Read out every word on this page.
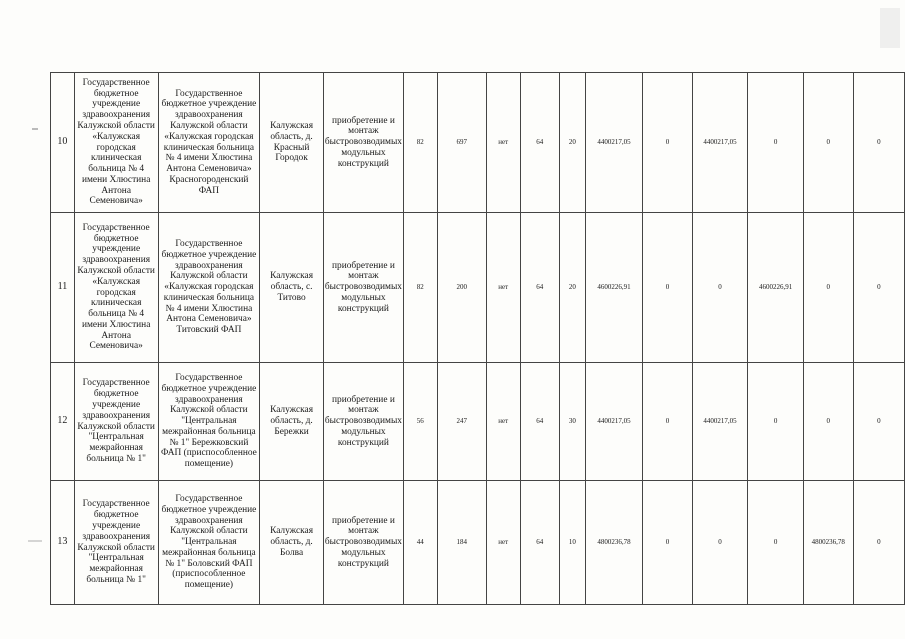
10	Государственное бюджетное учреждение здравоохранения Калужской области «Калужская городская клиническая больница № 4 имени Хлюстина Антона Семеновича»	Государственное бюджетное учреждение здравоохранения Калужской области «Калужская городская клиническая больница № 4 имени Хлюстина Антона Семеновича» Красногороденский ФАП	Калужская область, д. Красный Городок	приобретение и монтаж быстровозводимых модульных конструкций	82	697	нет	64	20	4400217,05	0	4400217,05	0	0	0
11	Государственное бюджетное учреждение здравоохранения Калужской области «Калужская городская клиническая больница № 4 имени Хлюстина Антона Семеновича»	Государственное бюджетное учреждение здравоохранения Калужской области «Калужская городская клиническая больница № 4 имени Хлюстина Антона Семеновича» Титовский ФАП	Калужская область, с. Титово	приобретение и монтаж быстровозводимых модульных конструкций	82	200	нет	64	20	4600226,91	0	0	4600226,91	0	0
12	Государственное бюджетное учреждение здравоохранения Калужской области "Центральная межрайонная больница № 1"	Государственное бюджетное учреждение здравоохранения Калужской области "Центральная межрайонная больница № 1" Бережковский ФАП (приспособленное помещение)	Калужская область, д. Бережки	приобретение и монтаж быстровозводимых модульных конструкций	56	247	нет	64	30	4400217,05	0	4400217,05	0	0	0
13	Государственное бюджетное учреждение здравоохранения Калужской области "Центральная межрайонная больница № 1"	Государственное бюджетное учреждение здравоохранения Калужской области "Центральная межрайонная больница № 1" Боловский ФАП (приспособленное помещение)	Калужская область, д. Болва	приобретение и монтаж быстровозводимых модульных конструкций	44	184	нет	64	10	4800236,78	0	0	0	4800236,78	0
